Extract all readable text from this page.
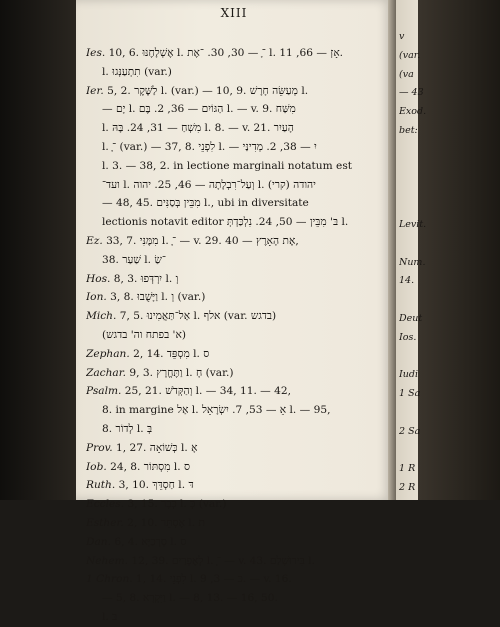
XIII
Ies. 10, 6. אֶשְׁלָחֶנּוּ l. ־ָ — 30, 30. ־אֶת l. אָזְ — 66, 11.
l. תִתְעַנְּגוּ (var.)
Ier. 5, 2. לַשֶּׁקֶר l. (var.) — 10, 9. מְעַשֵּׂה חָרָשׁ l.
— יָם l. הַגּוֹיִם — 36, 2. בֶּם l. — v. 9. מִשַּׁח
l. מִשְׁחַ — 31, 24. בָּהּ l. 8. — v. 21. הָעַיִר
l. ־ָ (var.) — 37, 8. לִפְנֵי l. — יִ — 38, 2. מְדִינַּי
l. 3. — 38, 2. in lectione marginali notatum est
ועד־ l. וְעַל־רִבְלָתָה — 46, 25. יהוה l. יהודה (קרי)
— 48, 45. מִבֵּין בְּסַנִּים l., ubi in diversitate
lectionis notavit editor בּ' מִבֵּין — 50, 24. נִלְכַּדְתְּ l.
Ez. 33, 7. מִמֶּנִּי l. ־ָ — v. 29. אֶת הָאָרֶץ — 40,
38. שַׁעַר l. ־שַׂ
Hos. 8, 3. יִרְדְּפוּ l. וְ
Ion. 3, 8. וַיָּשֻׁבוּ l. וְ (var.)
Mich. 7, 5. אַל־תַּאֲמִינוּ l. אלף (var. בדגש)
(א' בפתח וה' בדגש)
Zephan. 2, 14. מִסְפֵּד l. ס
Zachar. 9, 3. וַתֶּחֱרָץ l. חָ (var.)
Psalm. 25, 21. וְהַקְּדֹשׁ l. — 34, 11. — 42,
8. in margine אַל l. אֵ — 53, 7. יִשְׂרָאֵל l. — 95,
8. לְדוֹר l. בְּ
Prov. 1, 27. כְּשׁוֹאָה l. אָ
Iob. 24, 8. מִסְתּוֹר l. ס
Ruth. 3, 10. חַסְדֵּךְ l. דּ
Eccles. 3, 15. כְּבָר l. כְּ (var.)
Esther. 2, 10. אֶסְתֵּר l. ת
Dan. 6, 4. סָרְכַיָּא l. ס
Nehem. 12, 39. לְאֶפְרַיִם l. ־ְ — v. 43. בִּירוּשָׁלַם l.
1 Chron. 1, 14. לִפְנֵי l. כּ — 3, 9. — v. 16.
— 5, 8. וַיִּקְרָא l. — 8, 13. — 16, 50.
l. בּ
v
(var.
(va
— 43
Exod.
bet:
Levit.
Num.
14.
Deut
Ios.
Iudi
1 Sa
2 Sa
1 R
2 R
